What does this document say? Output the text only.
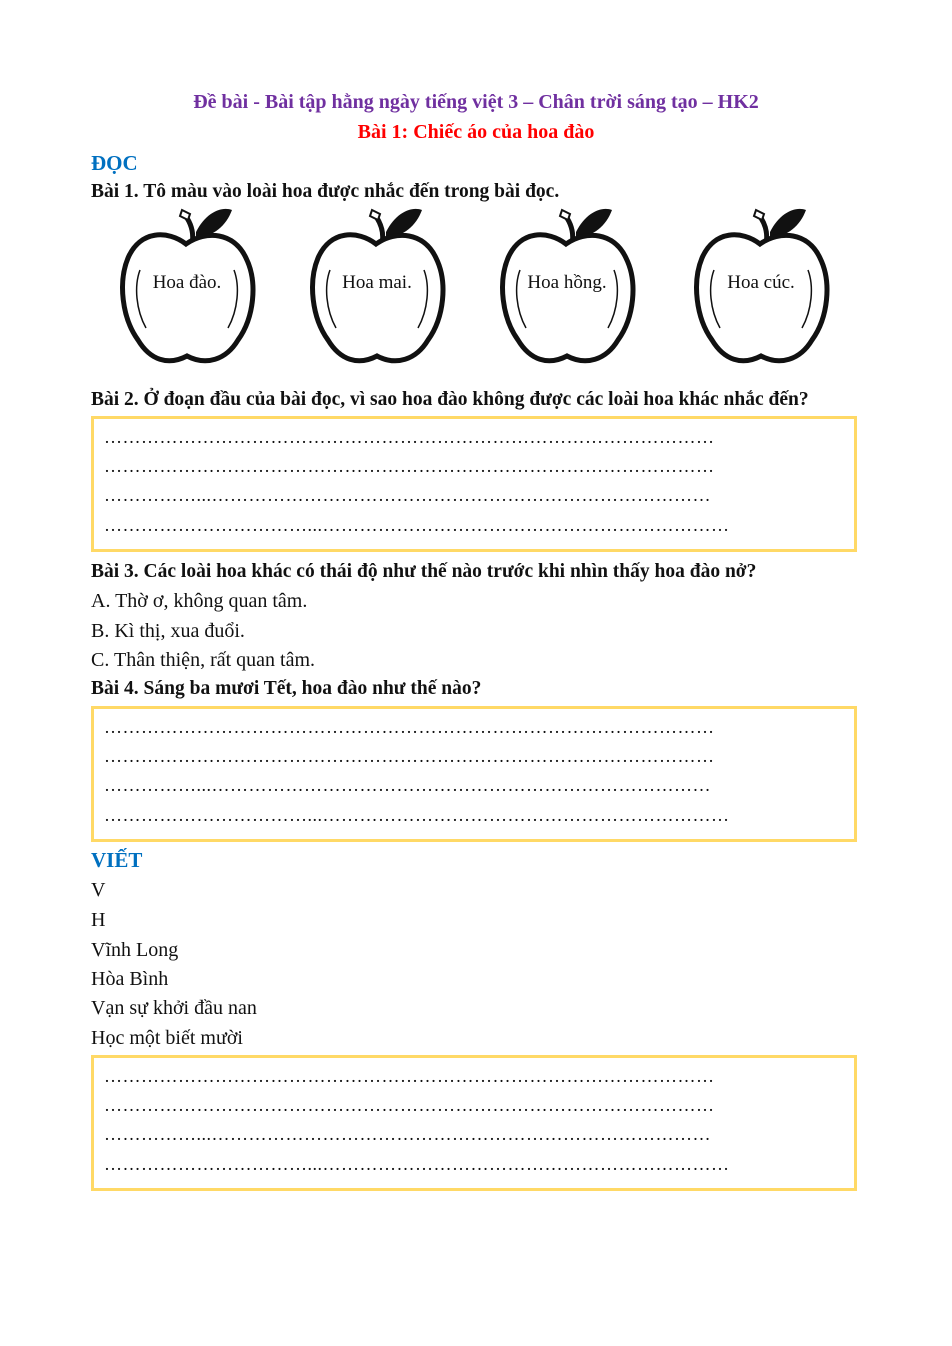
Đề bài - Bài tập hằng ngày tiếng việt 3 – Chân trời sáng tạo – HK2
Bài 1: Chiếc áo của hoa đào
ĐỌC
Bài 1. Tô màu vào loài hoa được nhắc đến trong bài đọc.
Hoa đào.	Hoa mai.	Hoa hồng.	Hoa cúc.
Bài 2. Ở đoạn đầu của bài đọc, vì sao hoa đào không được các loài hoa khác nhắc đến?
………………………………………………………………………………………
………………………………………………………………………………………
……………...………………………………………………………………………
……………………………...…………………………………………………………
Bài 3. Các loài hoa khác có thái độ như thế nào trước khi nhìn thấy hoa đào nở?
A. Thờ ơ, không quan tâm.
B. Kì thị, xua đuổi.
C. Thân thiện, rất quan tâm.
Bài 4. Sáng ba mươi Tết, hoa đào như thế nào?
………………………………………………………………………………………
………………………………………………………………………………………
……………...………………………………………………………………………
……………………………...…………………………………………………………
VIẾT
V
H
Vĩnh Long
Hòa Bình
Vạn sự khởi đầu nan
Học một biết mười
………………………………………………………………………………………
………………………………………………………………………………………
……………...………………………………………………………………………
……………………………...…………………………………………………………
